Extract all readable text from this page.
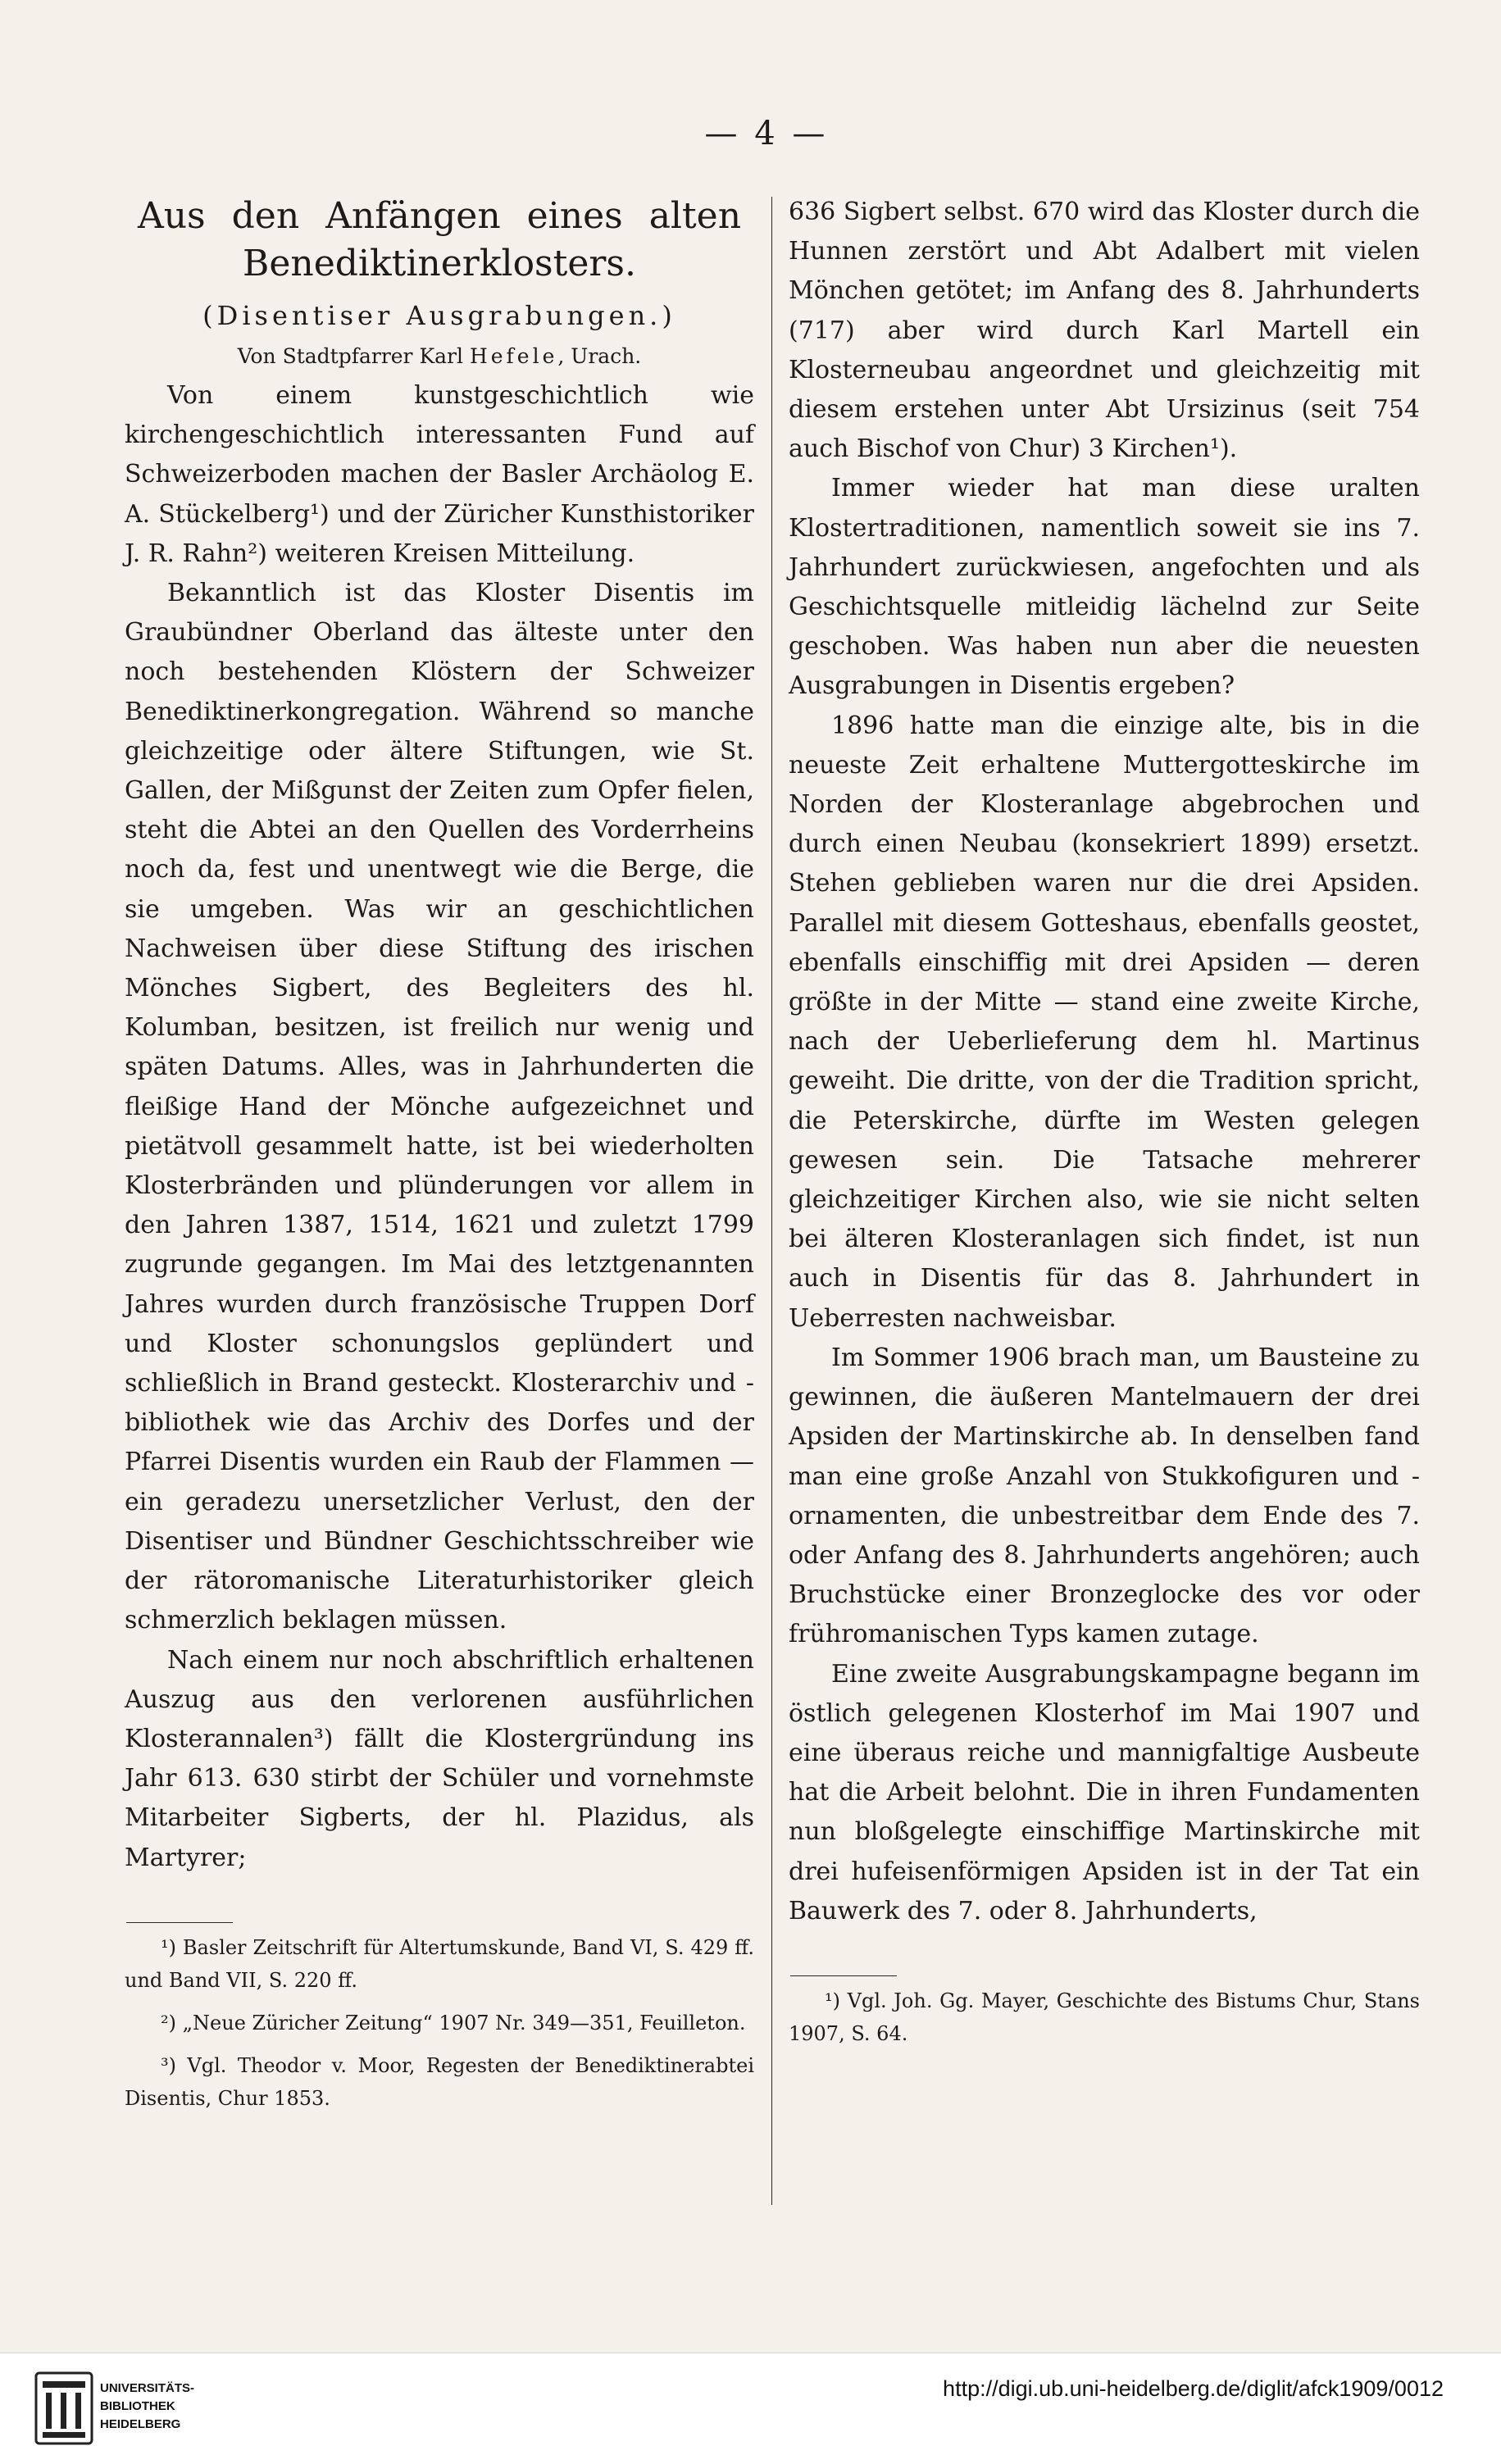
— 4 —
Aus den Anfängen eines alten Benediktinerklosters.
(Disentiser Ausgrabungen.)
Von Stadtpfarrer Karl Hefele, Urach.

Von einem kunstgeschichtlich wie kirchengeschichtlich interessanten Fund auf Schweizerboden machen der Basler Archäolog E. A. Stückelberg¹) und der Züricher Kunsthistoriker J. R. Rahn²) weiteren Kreisen Mitteilung.

Bekanntlich ist das Kloster Disentis im Graubündner Oberland das älteste unter den noch bestehenden Klöstern der Schweizer Benediktinerkongregation. Während so manche gleichzeitige oder ältere Stiftungen, wie St. Gallen, der Mißgunst der Zeiten zum Opfer fielen, steht die Abtei an den Quellen des Vorderrheins noch da, fest und unentwegt wie die Berge, die sie umgeben. Was wir an geschichtlichen Nachweisen über diese Stiftung des irischen Mönches Sigbert, des Begleiters des hl. Kolumban, besitzen, ist freilich nur wenig und späten Datums. Alles, was in Jahrhunderten die fleißige Hand der Mönche aufgezeichnet und pietätvoll gesammelt hatte, ist bei wiederholten Klosterbränden und plünderungen vor allem in den Jahren 1387, 1514, 1621 und zuletzt 1799 zugrunde gegangen. Im Mai des letztgenannten Jahres wurden durch französische Truppen Dorf und Kloster schonungslos geplündert und schließlich in Brand gesteckt. Klosterarchiv und bibliothek wie das Archiv des Dorfes und der Pfarrei Disentis wurden ein Raub der Flammen — ein geradezu unersetzlicher Verlust, den der Disentiser und Bündner Geschichtsschreiber wie der rätoromanische Literaturhistoriker gleich schmerzlich beklagen müssen.

Nach einem nur noch abschriftlich erhaltenen Auszug aus den verlorenen ausführlichen Klosterannalen³) fällt die Klostergründung ins Jahr 613. 630 stirbt der Schüler und vornehmste Mitarbeiter Sigberts, der hl. Plazidus, als Martyrer;

¹) Basler Zeitschrift für Altertumskunde, Band VI, S. 429 ff. und Band VII, S. 220 ff.

²) „Neue Züricher Zeitung“ 1907 Nr. 349—351, Feuilleton.

³) Vgl. Theodor v. Moor, Regesten der Benediktinerabtei Disentis, Chur 1853.

636 Sigbert selbst. 670 wird das Kloster durch die Hunnen zerstört und Abt Adalbert mit vielen Mönchen getötet; im Anfang des 8. Jahrhunderts (717) aber wird durch Karl Martell ein Klosterneubau angeordnet und gleichzeitig mit diesem erstehen unter Abt Ursizinus (seit 754 auch Bischof von Chur) 3 Kirchen¹).

Immer wieder hat man diese uralten Klostertraditionen, namentlich soweit sie ins 7. Jahrhundert zurückwiesen, angefochten und als Geschichtsquelle mitleidig lächelnd zur Seite geschoben. Was haben nun aber die neuesten Ausgrabungen in Disentis ergeben?

1896 hatte man die einzige alte, bis in die neueste Zeit erhaltene Muttergotteskirche im Norden der Klosteranlage abgebrochen und durch einen Neubau (konsekriert 1899) ersetzt. Stehen geblieben waren nur die drei Apsiden. Parallel mit diesem Gotteshaus, ebenfalls geostet, ebenfalls einschiffig mit drei Apsiden — deren größte in der Mitte — stand eine zweite Kirche, nach der Ueberlieferung dem hl. Martinus geweiht. Die dritte, von der die Tradition spricht, die Peterskirche, dürfte im Westen gelegen gewesen sein. Die Tatsache mehrerer gleichzeitiger Kirchen also, wie sie nicht selten bei älteren Klosteranlagen sich findet, ist nun auch in Disentis für das 8. Jahrhundert in Ueberresten nachweisbar.

Im Sommer 1906 brach man, um Bausteine zu gewinnen, die äußeren Mantelmauern der drei Apsiden der Martinskirche ab. In denselben fand man eine große Anzahl von Stukkofiguren und ornamenten, die unbestreitbar dem Ende des 7. oder Anfang des 8. Jahrhunderts angehören; auch Bruchstücke einer Bronzeglocke des vor oder frühromanischen Typs kamen zutage.

Eine zweite Ausgrabungskampagne begann im östlich gelegenen Klosterhof im Mai 1907 und eine überaus reiche und mannigfaltige Ausbeute hat die Arbeit belohnt. Die in ihren Fundamenten nun bloßgelegte einschiffige Martinskirche mit drei hufeisenförmigen Apsiden ist in der Tat ein Bauwerk des 7. oder 8. Jahrhunderts,

¹) Vgl. Joh. Gg. Mayer, Geschichte des Bistums Chur, Stans 1907, S. 64.

UNIVERSITÄTS-
BIBLIOTHEK
HEIDELBERG
http://digi.ub.uni-heidelberg.de/diglit/afck1909/0012
